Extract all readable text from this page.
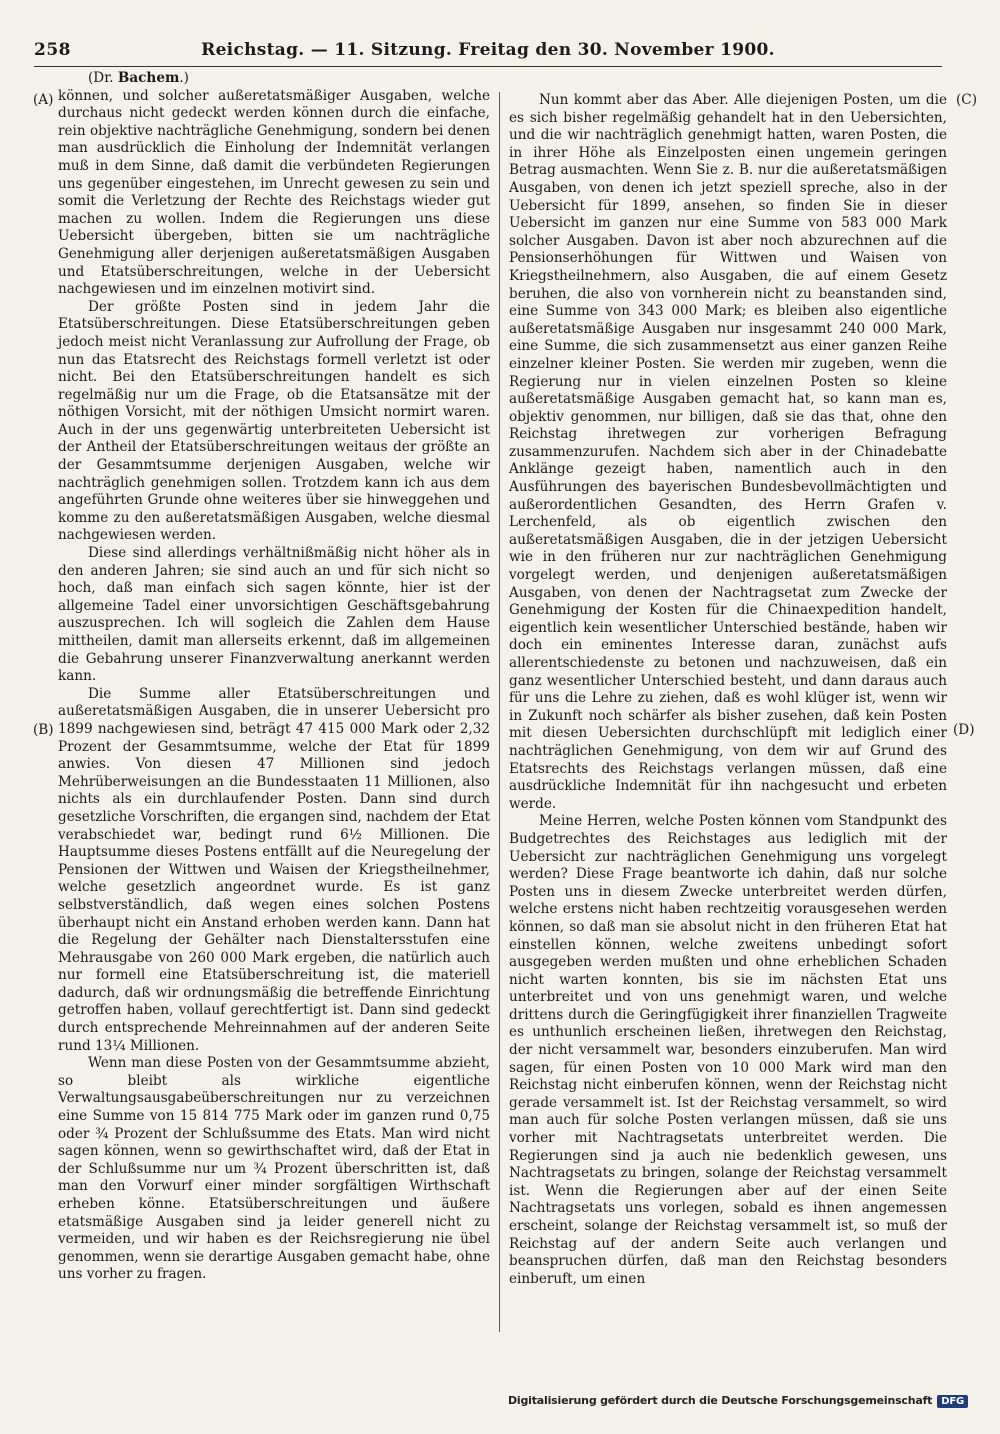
258	Reichstag. — 11. Sitzung. Freitag den 30. November 1900.
(A)
(B)
(C)
(D)

(Dr. Bachem.)

können, und solcher außeretatsmäßiger Ausgaben, welche durchaus nicht gedeckt werden können durch die einfache, rein objektive nachträgliche Genehmigung, sondern bei denen man ausdrücklich die Einholung der Indemnität verlangen muß in dem Sinne, daß damit die verbündeten Regierungen uns gegenüber eingestehen, im Unrecht gewesen zu sein und somit die Verletzung der Rechte des Reichstags wieder gut machen zu wollen. Indem die Regierungen uns diese Uebersicht übergeben, bitten sie um nachträgliche Genehmigung aller derjenigen außeretatsmäßigen Ausgaben und Etatsüberschreitungen, welche in der Uebersicht nachgewiesen und im einzelnen motivirt sind.

Der größte Posten sind in jedem Jahr die Etatsüberschreitungen. Diese Etatsüberschreitungen geben jedoch meist nicht Veranlassung zur Aufrollung der Frage, ob nun das Etatsrecht des Reichstags formell verletzt ist oder nicht. Bei den Etatsüberschreitungen handelt es sich regelmäßig nur um die Frage, ob die Etatsansätze mit der nöthigen Vorsicht, mit der nöthigen Umsicht normirt waren. Auch in der uns gegenwärtig unterbreiteten Uebersicht ist der Antheil der Etatsüberschreitungen weitaus der größte an der Gesammtsumme derjenigen Ausgaben, welche wir nachträglich genehmigen sollen. Trotzdem kann ich aus dem angeführten Grunde ohne weiteres über sie hinweggehen und komme zu den außeretatsmäßigen Ausgaben, welche diesmal nachgewiesen werden.

Diese sind allerdings verhältnißmäßig nicht höher als in den anderen Jahren; sie sind auch an und für sich nicht so hoch, daß man einfach sich sagen könnte, hier ist der allgemeine Tadel einer unvorsichtigen Geschäftsgebahrung auszusprechen. Ich will sogleich die Zahlen dem Hause mittheilen, damit man allerseits erkennt, daß im allgemeinen die Gebahrung unserer Finanzverwaltung anerkannt werden kann.

Die Summe aller Etatsüberschreitungen und außeretatsmäßigen Ausgaben, die in unserer Uebersicht pro 1899 nachgewiesen sind, beträgt 47 415 000 Mark oder 2,32 Prozent der Gesammtsumme, welche der Etat für 1899 anwies. Von diesen 47 Millionen sind jedoch Mehrüberweisungen an die Bundesstaaten 11 Millionen, also nichts als ein durchlaufender Posten. Dann sind durch gesetzliche Vorschriften, die ergangen sind, nachdem der Etat verabschiedet war, bedingt rund 6½ Millionen. Die Hauptsumme dieses Postens entfällt auf die Neuregelung der Pensionen der Wittwen und Waisen der Kriegstheilnehmer, welche gesetzlich angeordnet wurde. Es ist ganz selbstverständlich, daß wegen eines solchen Postens überhaupt nicht ein Anstand erhoben werden kann. Dann hat die Regelung der Gehälter nach Dienstaltersstufen eine Mehrausgabe von 260 000 Mark ergeben, die natürlich auch nur formell eine Etatsüberschreitung ist, die materiell dadurch, daß wir ordnungsmäßig die betreffende Einrichtung getroffen haben, vollauf gerechtfertigt ist. Dann sind gedeckt durch entsprechende Mehreinnahmen auf der anderen Seite rund 13¼ Millionen.

Wenn man diese Posten von der Gesammtsumme abzieht, so bleibt als wirkliche eigentliche Verwaltungsausgabeüberschreitungen nur zu verzeichnen eine Summe von 15 814 775 Mark oder im ganzen rund 0,75 oder ¾ Prozent der Schlußsumme des Etats. Man wird nicht sagen können, wenn so gewirthschaftet wird, daß der Etat in der Schlußsumme nur um ¾ Prozent überschritten ist, daß man den Vorwurf einer minder sorgfältigen Wirthschaft erheben könne. Etatsüberschreitungen und äußere etatsmäßige Ausgaben sind ja leider generell nicht zu vermeiden, und wir haben es der Reichsregierung nie übel genommen, wenn sie derartige Ausgaben gemacht habe, ohne uns vorher zu fragen.

Nun kommt aber das Aber. Alle diejenigen Posten, um die es sich bisher regelmäßig gehandelt hat in den Uebersichten, und die wir nachträglich genehmigt hatten, waren Posten, die in ihrer Höhe als Einzelposten einen ungemein geringen Betrag ausmachten. Wenn Sie z. B. nur die außeretatsmäßigen Ausgaben, von denen ich jetzt speziell spreche, also in der Uebersicht für 1899, ansehen, so finden Sie in dieser Uebersicht im ganzen nur eine Summe von 583 000 Mark solcher Ausgaben. Davon ist aber noch abzurechnen auf die Pensionserhöhungen für Wittwen und Waisen von Kriegstheilnehmern, also Ausgaben, die auf einem Gesetz beruhen, die also von vornherein nicht zu beanstanden sind, eine Summe von 343 000 Mark; es bleiben also eigentliche außeretatsmäßige Ausgaben nur insgesammt 240 000 Mark, eine Summe, die sich zusammensetzt aus einer ganzen Reihe einzelner kleiner Posten. Sie werden mir zugeben, wenn die Regierung nur in vielen einzelnen Posten so kleine außeretatsmäßige Ausgaben gemacht hat, so kann man es, objektiv genommen, nur billigen, daß sie das that, ohne den Reichstag ihretwegen zur vorherigen Befragung zusammenzurufen. Nachdem sich aber in der Chinadebatte Anklänge gezeigt haben, namentlich auch in den Ausführungen des bayerischen Bundesbevollmächtigten und außerordentlichen Gesandten, des Herrn Grafen v. Lerchenfeld, als ob eigentlich zwischen den außeretatsmäßigen Ausgaben, die in der jetzigen Uebersicht wie in den früheren nur zur nachträglichen Genehmigung vorgelegt werden, und denjenigen außeretatsmäßigen Ausgaben, von denen der Nachtragsetat zum Zwecke der Genehmigung der Kosten für die Chinaexpedition handelt, eigentlich kein wesentlicher Unterschied bestände, haben wir doch ein eminentes Interesse daran, zunächst aufs allerentschiedenste zu betonen und nachzuweisen, daß ein ganz wesentlicher Unterschied besteht, und dann daraus auch für uns die Lehre zu ziehen, daß es wohl klüger ist, wenn wir in Zukunft noch schärfer als bisher zusehen, daß kein Posten mit diesen Uebersichten durchschlüpft mit lediglich einer nachträglichen Genehmigung, von dem wir auf Grund des Etatsrechts des Reichstags verlangen müssen, daß eine ausdrückliche Indemnität für ihn nachgesucht und erbeten werde.

Meine Herren, welche Posten können vom Standpunkt des Budgetrechtes des Reichstages aus lediglich mit der Uebersicht zur nachträglichen Genehmigung uns vorgelegt werden? Diese Frage beantworte ich dahin, daß nur solche Posten uns in diesem Zwecke unterbreitet werden dürfen, welche erstens nicht haben rechtzeitig vorausgesehen werden können, so daß man sie absolut nicht in den früheren Etat hat einstellen können, welche zweitens unbedingt sofort ausgegeben werden mußten und ohne erheblichen Schaden nicht warten konnten, bis sie im nächsten Etat uns unterbreitet und von uns genehmigt waren, und welche drittens durch die Geringfügigkeit ihrer finanziellen Tragweite es unthunlich erscheinen ließen, ihretwegen den Reichstag, der nicht versammelt war, besonders einzuberufen. Man wird sagen, für einen Posten von 10 000 Mark wird man den Reichstag nicht einberufen können, wenn der Reichstag nicht gerade versammelt ist. Ist der Reichstag versammelt, so wird man auch für solche Posten verlangen müssen, daß sie uns vorher mit Nachtragsetats unterbreitet werden. Die Regierungen sind ja auch nie bedenklich gewesen, uns Nachtragsetats zu bringen, solange der Reichstag versammelt ist. Wenn die Regierungen aber auf der einen Seite Nachtragsetats uns vorlegen, sobald es ihnen angemessen erscheint, solange der Reichstag versammelt ist, so muß der Reichstag auf der andern Seite auch verlangen und beanspruchen dürfen, daß man den Reichstag besonders einberuft, um einen

Digitalisierung gefördert durch die Deutsche Forschungsgemeinschaft DFG
